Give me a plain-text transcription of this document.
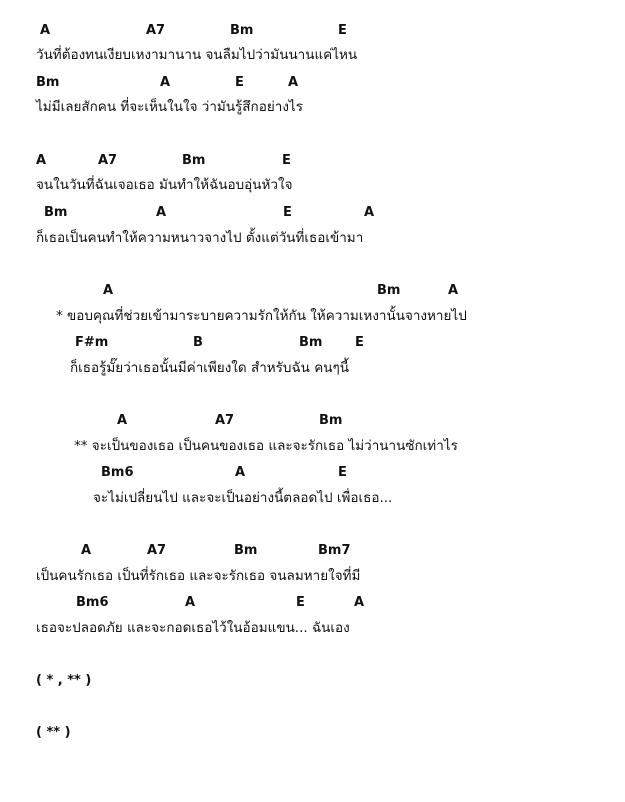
A	A7	Bm	E
วันที่ต้องทนเงียบเหงามานาน จนลืมไปว่ามันนานแค่ไหน
Bm	A	E	A
ไม่มีเลยสักคน ที่จะเห็นในใจ ว่ามันรู้สึกอย่างไร
A	A7	Bm	E
จนในวันที่ฉันเจอเธอ มันทำให้ฉันอบอุ่นหัวใจ
Bm	A	E	A
ก็เธอเป็นคนทำให้ความหนาวจางไป ตั้งแต่วันที่เธอเข้ามา
A	Bm	A
* ขอบคุณที่ช่วยเข้ามาระบายความรักให้กัน ให้ความเหงานั้นจางหายไป
F#m	B	Bm	E
ก็เธอรู้มั๊ยว่าเธอนั้นมีค่าเพียงใด สำหรับฉัน คนๆนี้
A	A7	Bm
** จะเป็นของเธอ เป็นคนของเธอ และจะรักเธอ ไม่ว่านานซักเท่าไร
Bm6	A	E
จะไม่เปลี่ยนไป และจะเป็นอย่างนี้ตลอดไป เพื่อเธอ...
A	A7	Bm	Bm7
เป็นคนรักเธอ เป็นที่รักเธอ และจะรักเธอ จนลมหายใจที่มี
Bm6	A	E	A
เธอจะปลอดภัย และจะกอดเธอไว้ในอ้อมแขน... ฉันเอง
( * , ** )
( ** )
